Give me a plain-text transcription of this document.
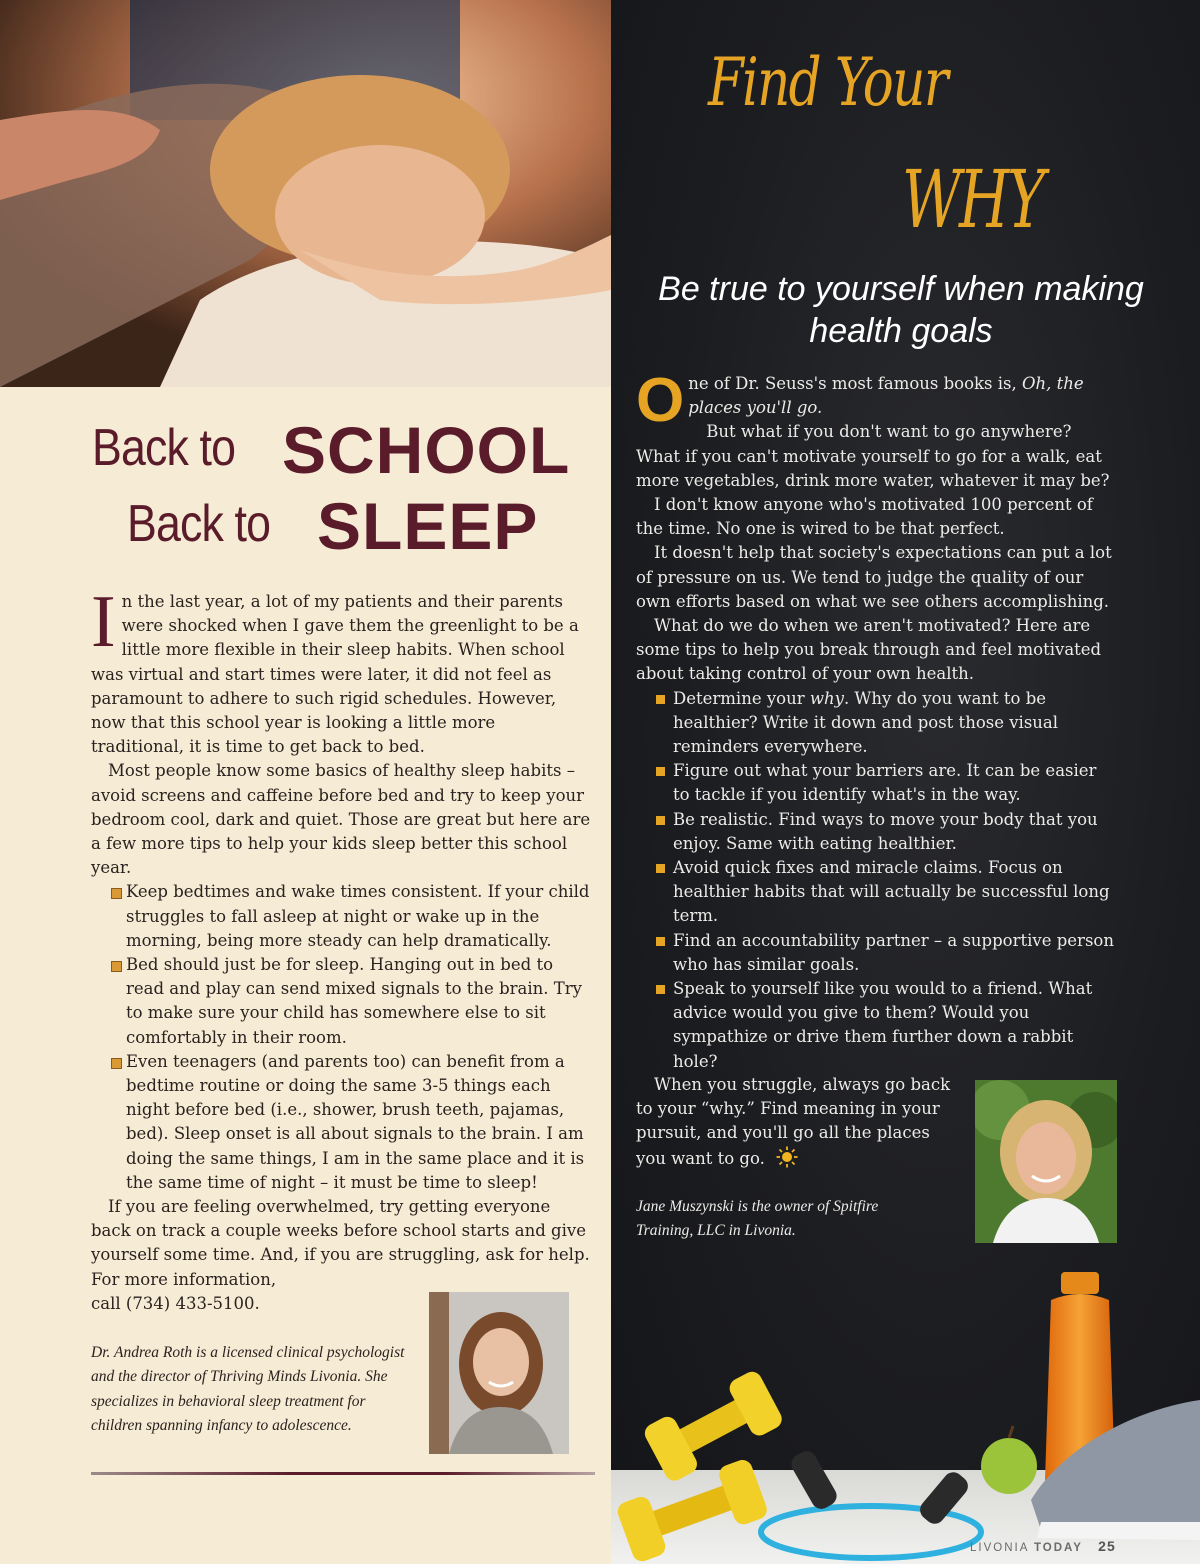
Back to SCHOOL
Back to SLEEP

In the last year, a lot of my patients and their parents were shocked when I gave them the greenlight to be a little more flexible in their sleep habits. When school was virtual and start times were later, it did not feel as paramount to adhere to such rigid schedules. However, now that this school year is looking a little more traditional, it is time to get back to bed.

Most people know some basics of healthy sleep habits – avoid screens and caffeine before bed and try to keep your bedroom cool, dark and quiet. Those are great but here are a few more tips to help your kids sleep better this school year.

Keep bedtimes and wake times consistent. If your child struggles to fall asleep at night or wake up in the morning, being more steady can help dramatically.
Bed should just be for sleep. Hanging out in bed to read and play can send mixed signals to the brain. Try to make sure your child has somewhere else to sit comfortably in their room.
Even teenagers (and parents too) can benefit from a bedtime routine or doing the same 3-5 things each night before bed (i.e., shower, brush teeth, pajamas, bed). Sleep onset is all about signals to the brain. I am doing the same things, I am in the same place and it is the same time of night – it must be time to sleep!

If you are feeling overwhelmed, try getting everyone back on track a couple weeks before school starts and give yourself some time. And, if you are struggling, ask for help. For more information,
call (734) 433-5100.

Dr. Andrea Roth is a licensed clinical psychologist and the director of Thriving Minds Livonia. She specializes in behavioral sleep treatment for children spanning infancy to adolescence.
Find Your
WHY
Be true to yourself when making health goals

One of Dr. Seuss's most famous books is, Oh, the places you'll go.

But what if you don't want to go anywhere? What if you can't motivate yourself to go for a walk, eat more vegetables, drink more water, whatever it may be?

I don't know anyone who's motivated 100 percent of the time. No one is wired to be that perfect.

It doesn't help that society's expectations can put a lot of pressure on us. We tend to judge the quality of our own efforts based on what we see others accomplishing.

What do we do when we aren't motivated? Here are some tips to help you break through and feel motivated about taking control of your own health.

Determine your why. Why do you want to be healthier? Write it down and post those visual reminders everywhere.
Figure out what your barriers are. It can be easier to tackle if you identify what's in the way.
Be realistic. Find ways to move your body that you enjoy. Same with eating healthier.
Avoid quick fixes and miracle claims. Focus on healthier habits that will actually be successful long term.
Find an accountability partner – a supportive person who has similar goals.
Speak to yourself like you would to a friend. What advice would you give to them? Would you sympathize or drive them further down a rabbit hole?

When you struggle, always go back to your “why.” Find meaning in your pursuit, and you'll go all the places you want to go.

Jane Muszynski is the owner of Spitfire Training, LLC in Livonia.
LIVONIA TODAY 25
